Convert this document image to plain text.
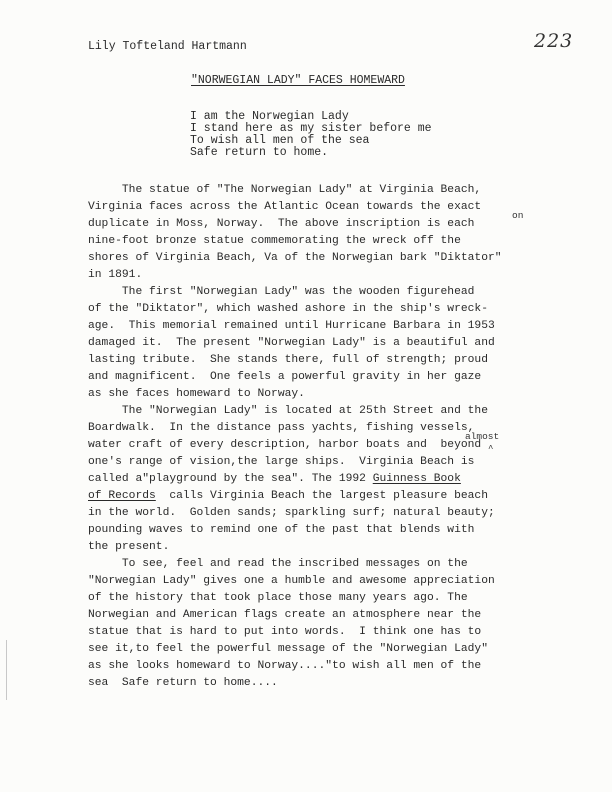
Lily Tofteland Hartmann	223
"NORWEGIAN LADY" FACES HOMEWARD
I am the Norwegian Lady
I stand here as my sister before me
To wish all men of the sea
Safe return to home.
The statue of "The Norwegian Lady" at Virginia Beach,
Virginia faces across the Atlantic Ocean towards the exact
on
duplicate in Moss, Norway.  The above inscription is each
nine-foot bronze statue commemorating the wreck off the
shores of Virginia Beach, Va of the Norwegian bark "Diktator"
in 1891.
The first "Norwegian Lady" was the wooden figurehead
of the "Diktator", which washed ashore in the ship's wreck-
age.  This memorial remained until Hurricane Barbara in 1953
damaged it.  The present "Norwegian Lady" is a beautiful and
lasting tribute.  She stands there, full of strength; proud
and magnificent.  One feels a powerful gravity in her gaze
as she faces homeward to Norway.
The "Norwegian Lady" is located at 25th Street and the
Boardwalk.  In the distance pass yachts, fishing vessels,
almost
^
water craft of every description, harbor boats and  beyond
one's range of vision,the large ships.  Virginia Beach is
called a"playground by the sea". The 1992 Guinness Book
of Records  calls Virginia Beach the largest pleasure beach
in the world.  Golden sands; sparkling surf; natural beauty;
pounding waves to remind one of the past that blends with
the present.
To see, feel and read the inscribed messages on the
"Norwegian Lady" gives one a humble and awesome appreciation
of the history that took place those many years ago. The
Norwegian and American flags create an atmosphere near the
statue that is hard to put into words.  I think one has to
see it,to feel the powerful message of the "Norwegian Lady"
as she looks homeward to Norway...."to wish all men of the
sea  Safe return to home....
